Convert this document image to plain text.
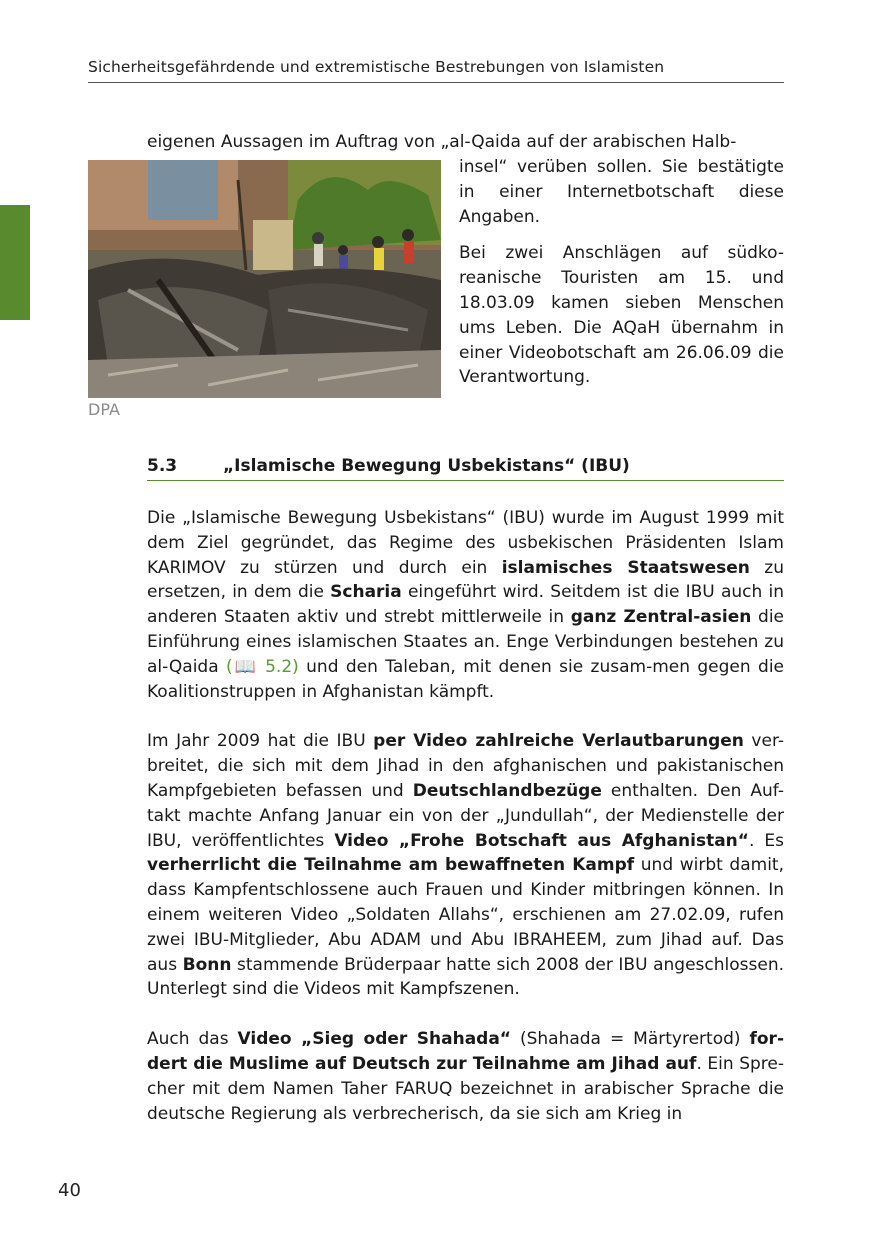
Sicherheitsgefährdende und extremistische Bestrebungen von Islamisten
eigenen Aussagen im Auftrag von „al-Qaida auf der arabischen Halb-
DPA

insel“ verüben sollen. Sie bestätigte in einer Internetbotschaft diese Angaben.

Bei zwei Anschlägen auf südko-reanische Touristen am 15. und 18.03.09 kamen sieben Menschen ums Leben. Die AQaH übernahm in einer Videobotschaft am 26.06.09 die Verantwortung.

5.3	„Islamische Bewegung Usbekistans“ (IBU)

Die „Islamische Bewegung Usbekistans“ (IBU) wurde im August 1999 mit dem Ziel gegründet, das Regime des usbekischen Präsidenten Islam KARIMOV zu stürzen und durch ein islamisches Staatswesen zu ersetzen, in dem die Scharia eingeführt wird. Seitdem ist die IBU auch in anderen Staaten aktiv und strebt mittlerweile in ganz Zentral-asien die Einführung eines islamischen Staates an. Enge Verbindungen bestehen zu al-Qaida (📖 5.2) und den Taleban, mit denen sie zusam-men gegen die Koalitionstruppen in Afghanistan kämpft.

Im Jahr 2009 hat die IBU per Video zahlreiche Verlautbarungen ver-breitet, die sich mit dem Jihad in den afghanischen und pakistanischen Kampfgebieten befassen und Deutschlandbezüge enthalten. Den Auf-takt machte Anfang Januar ein von der „Jundullah“, der Medienstelle der IBU, veröffentlichtes Video „Frohe Botschaft aus Afghanistan“. Es verherrlicht die Teilnahme am bewaffneten Kampf und wirbt damit, dass Kampfentschlossene auch Frauen und Kinder mitbringen können. In einem weiteren Video „Soldaten Allahs“, erschienen am 27.02.09, rufen zwei IBU-Mitglieder, Abu ADAM und Abu IBRAHEEM, zum Jihad auf. Das aus Bonn stammende Brüderpaar hatte sich 2008 der IBU angeschlossen. Unterlegt sind die Videos mit Kampfszenen.

Auch das Video „Sieg oder Shahada“ (Shahada = Märtyrertod) for-dert die Muslime auf Deutsch zur Teilnahme am Jihad auf. Ein Spre-cher mit dem Namen Taher FARUQ bezeichnet in arabischer Sprache die deutsche Regierung als verbrecherisch, da sie sich am Krieg in

40
